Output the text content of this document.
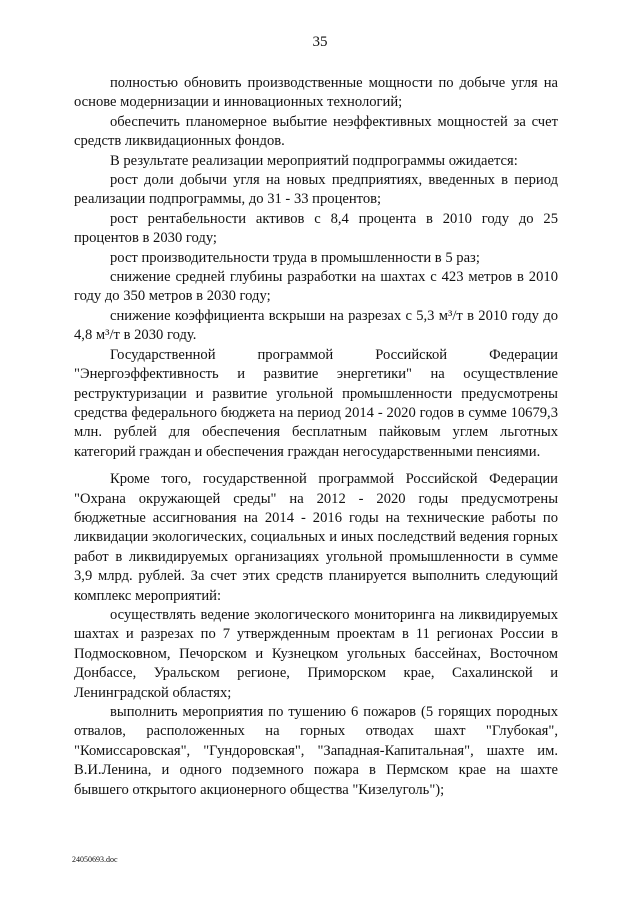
35

полностью обновить производственные мощности по добыче угля на основе модернизации и инновационных технологий;

обеспечить планомерное выбытие неэффективных мощностей за счет средств ликвидационных фондов.

В результате реализации мероприятий подпрограммы ожидается:

рост доли добычи угля на новых предприятиях, введенных в период реализации подпрограммы, до 31 - 33 процентов;

рост рентабельности активов с 8,4 процента в 2010 году до 25 процентов в 2030 году;

рост производительности труда в промышленности в 5 раз;

снижение средней глубины разработки на шахтах с 423 метров в 2010 году до 350 метров в 2030 году;

снижение коэффициента вскрыши на разрезах с 5,3 м³/т в 2010 году до 4,8 м³/т в 2030 году.

Государственной программой Российской Федерации "Энергоэффективность и развитие энергетики" на осуществление реструктуризации и развитие угольной промышленности предусмотрены средства федерального бюджета на период 2014 - 2020 годов в сумме 10679,3 млн. рублей для обеспечения бесплатным пайковым углем льготных категорий граждан и обеспечения граждан негосударственными пенсиями.

Кроме того, государственной программой Российской Федерации "Охрана окружающей среды" на 2012 - 2020 годы предусмотрены бюджетные ассигнования на 2014 - 2016 годы на технические работы по ликвидации экологических, социальных и иных последствий ведения горных работ в ликвидируемых организациях угольной промышленности в сумме 3,9 млрд. рублей. За счет этих средств планируется выполнить следующий комплекс мероприятий:

осуществлять ведение экологического мониторинга на ликвидируемых шахтах и разрезах по 7 утвержденным проектам в 11 регионах России в Подмосковном, Печорском и Кузнецком угольных бассейнах, Восточном Донбассе, Уральском регионе, Приморском крае, Сахалинской и Ленинградской областях;

выполнить мероприятия по тушению 6 пожаров (5 горящих породных отвалов, расположенных на горных отводах шахт "Глубокая", "Комиссаровская", "Гундоровская", "Западная-Капитальная", шахте им. В.И.Ленина, и одного подземного пожара в Пермском крае на шахте бывшего открытого акционерного общества "Кизелуголь");

24050693.doc
